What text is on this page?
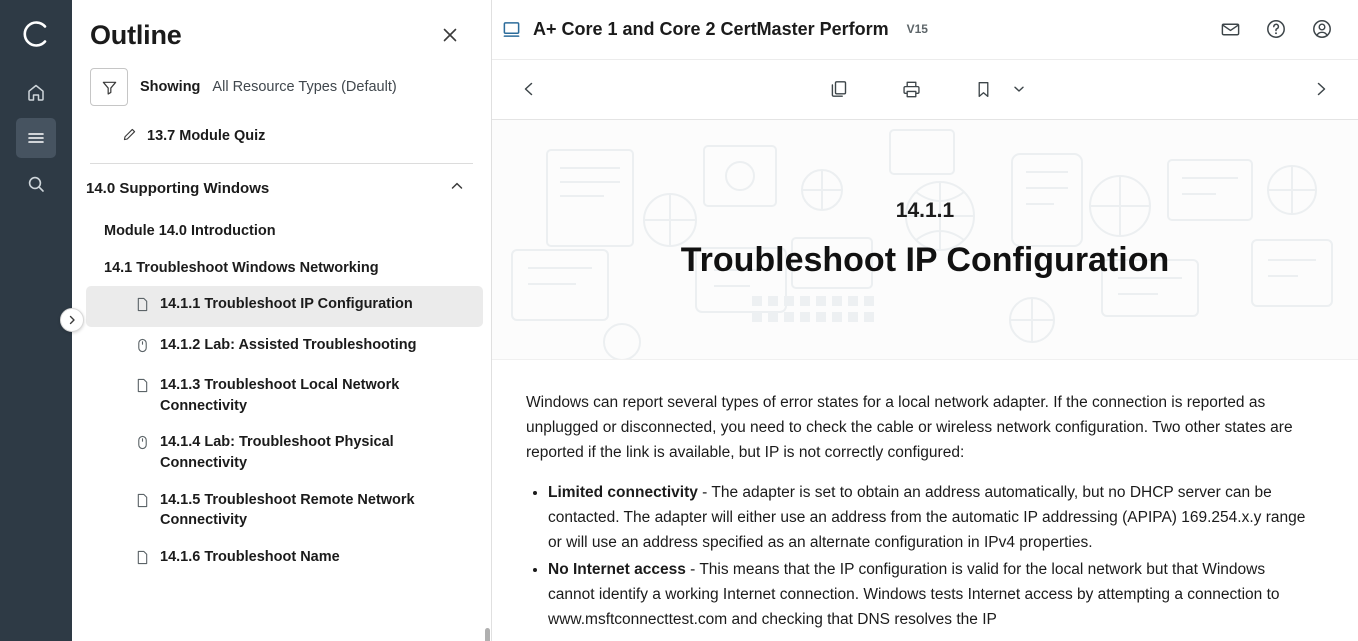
Outline
Showing All Resource Types (Default)
13.7 Module Quiz
14.0 Supporting Windows
Module 14.0 Introduction
14.1 Troubleshoot Windows Networking
14.1.1 Troubleshoot IP Configuration
14.1.2 Lab: Assisted Troubleshooting
14.1.3 Troubleshoot Local Network Connectivity
14.1.4 Lab: Troubleshoot Physical Connectivity
14.1.5 Troubleshoot Remote Network Connectivity
14.1.6 Troubleshoot Name
A+ Core 1 and Core 2 CertMaster Perform V15
14.1.1
Troubleshoot IP Configuration

Windows can report several types of error states for a local network adapter. If the connection is reported as unplugged or disconnected, you need to check the cable or wireless network configuration. Two other states are reported if the link is available, but IP is not correctly configured:

• Limited connectivity - The adapter is set to obtain an address automatically, but no DHCP server can be contacted. The adapter will either use an address from the automatic IP addressing (APIPA) 169.254.x.y range or will use an address specified as an alternate configuration in IPv4 properties.
• No Internet access - This means that the IP configuration is valid for the local network but that Windows cannot identify a working Internet connection. Windows tests Internet access by attempting a connection to www.msftconnecttest.com and checking that DNS resolves the IP
